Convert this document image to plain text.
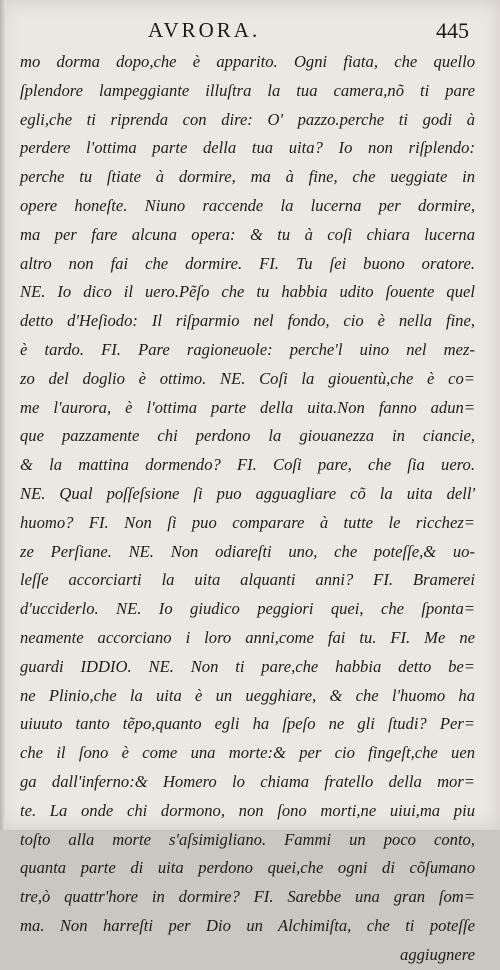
AVRORA.	445
mo dorma dopo,che è apparito. Ogni fiata, che quello
ſplendore lampeggiante illuſtra la tua camera,nõ ti pare
egli,che ti riprenda con dire: O' pazzo.perche ti godi à
perdere l'ottima parte della tua uita? Io non riſplendo:
perche tu ſtiate à dormire, ma à fine, che ueggiate in
opere honeſte. Niuno raccende la lucerna per dormire,
ma per fare alcuna opera: & tu à coſi chiara lucerna
altro non fai che dormire. FI. Tu ſei buono oratore.
NE. Io dico il uero.Pẽſo che tu habbia udito ſouente quel
detto d'Heſiodo: Il riſparmio nel fondo, cio è nella fine,
è tardo. FI. Pare ragioneuole: perche'l uino nel mez-
zo del doglio è ottimo. NE. Coſi la giouentù,che è co=
me l'aurora, è l'ottima parte della uita.Non fanno adun=
que pazzamente chi perdono la giouanezza in ciancie,
& la mattina dormendo? FI. Coſi pare, che ſia uero.
NE. Qual poſſeſsione ſi puo agguagliare cõ la uita dell'
huomo? FI. Non ſi puo comparare à tutte le ricchez=
ze Perſiane. NE. Non odiareſti uno, che poteſſe,& uo-
leſſe accorciarti la uita alquanti anni? FI. Bramerei
d'ucciderlo. NE. Io giudico peggiori quei, che ſponta=
neamente accorciano i loro anni,come fai tu. FI. Me ne
guardi IDDIO. NE. Non ti pare,che habbia detto be=
ne Plinio,che la uita è un uegghiare, & che l'huomo ha
uiuuto tanto tẽpo,quanto egli ha ſpeſo ne gli ſtudi? Per=
che il ſono è come una morte:& per cio fingeſt,che uen
ga dall'inferno:& Homero lo chiama fratello della mor=
te. La onde chi dormono, non ſono morti,ne uiui,ma piu
toſto alla morte s'aſsimigliano. Fammi un poco conto,
quanta parte di uita perdono quei,che ogni di cõſumano
tre,ò quattr'hore in dormire? FI. Sarebbe una gran ſom=
ma. Non harreſti per Dio un Alchimiſta, che ti poteſſe
aggiugnere
